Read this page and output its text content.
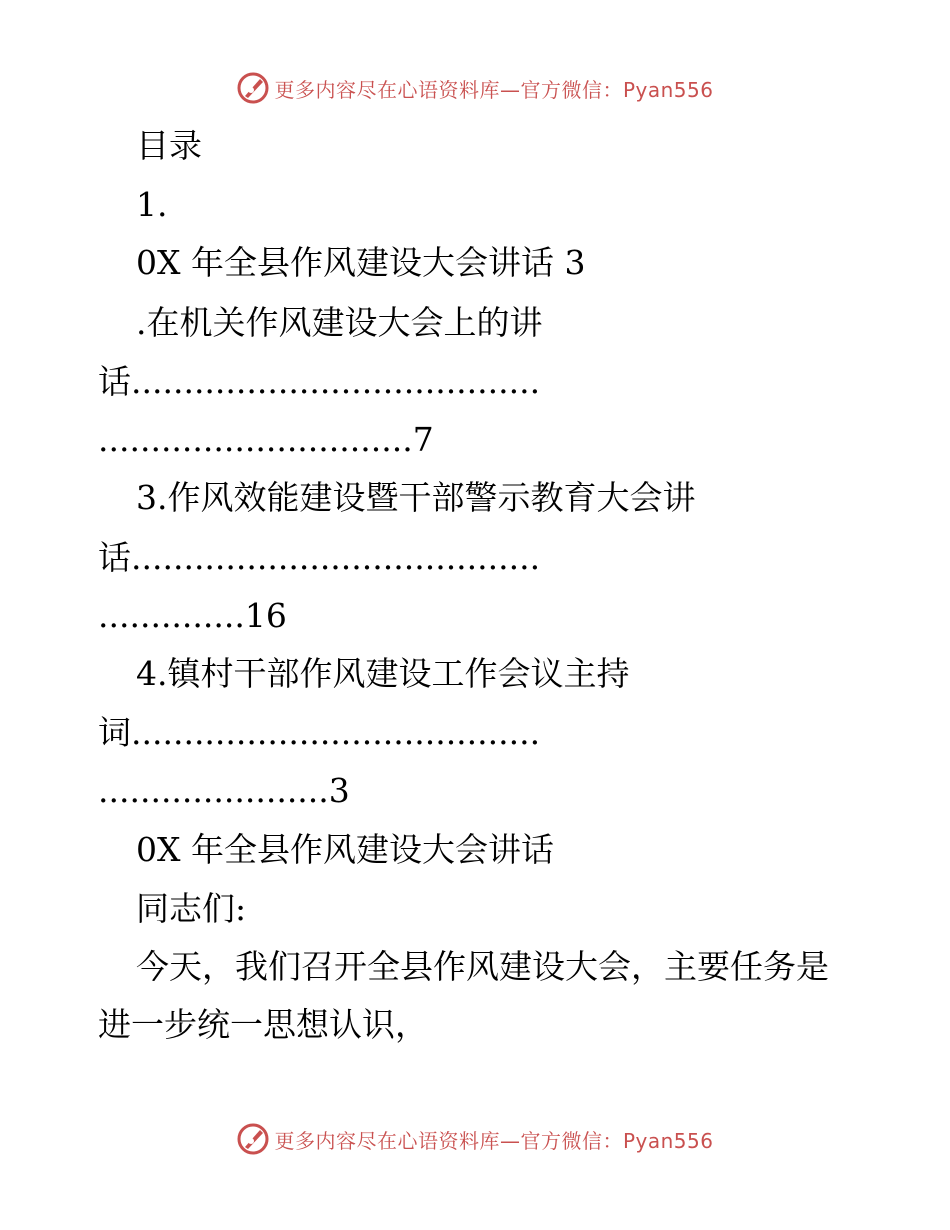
更多内容尽在心语资料库—官方微信：Pyan556
目录
1.
0X 年全县作风建设大会讲话 3
.在机关作风建设大会上的讲
话.......................................
..............................7
3.作风效能建设暨干部警示教育大会讲
话.......................................
..............16
4.镇村干部作风建设工作会议主持
词.......................................
......................3
0X 年全县作风建设大会讲话
同志们:
今天，我们召开全县作风建设大会，主要任务是
进一步统一思想认识，
更多内容尽在心语资料库—官方微信：Pyan556
